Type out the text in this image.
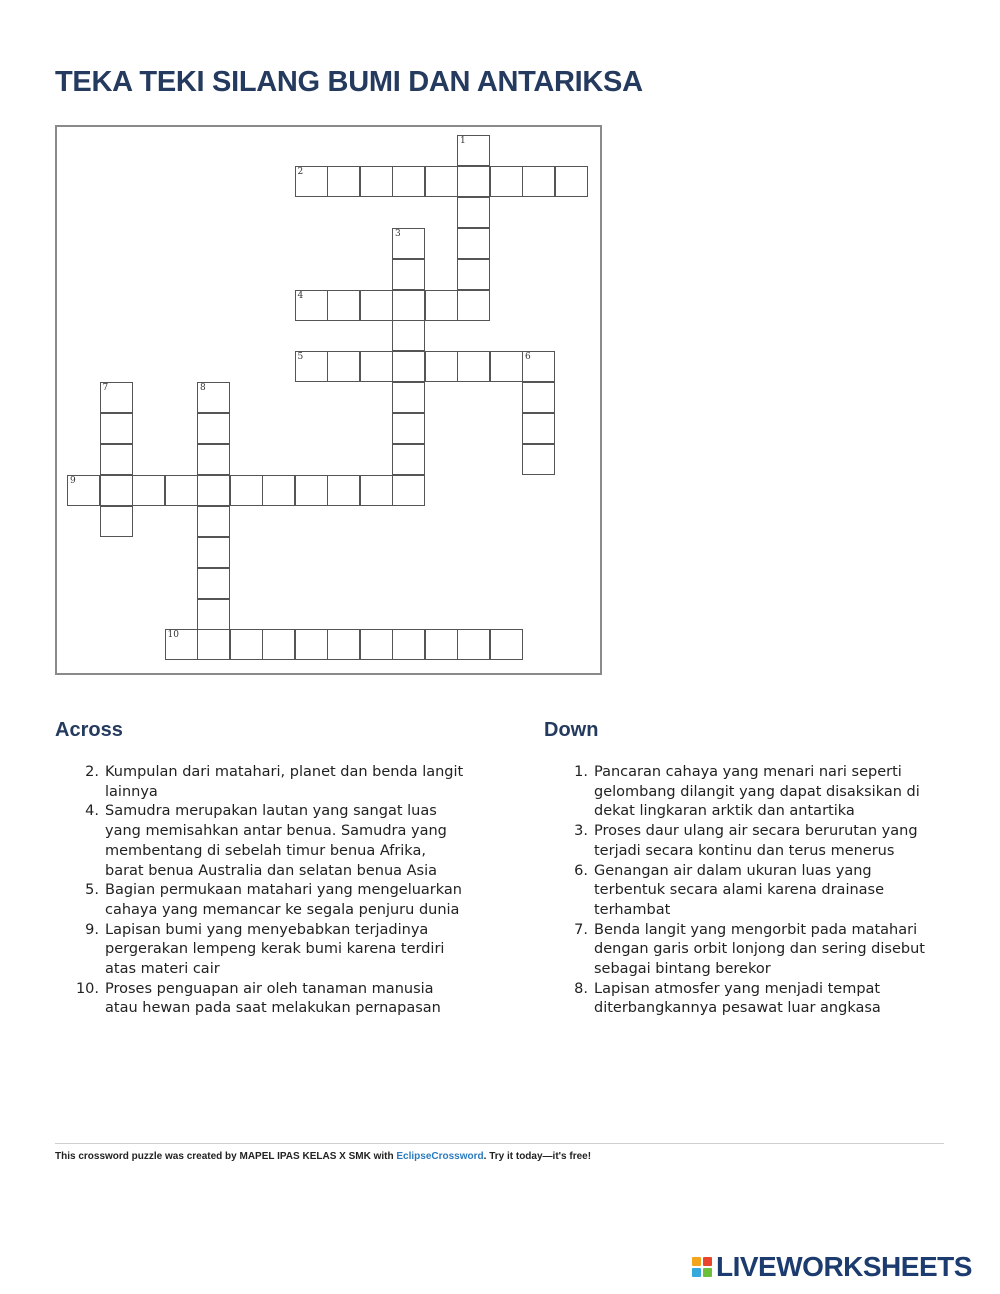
TEKA TEKI SILANG BUMI DAN ANTARIKSA
1
2
3
4
5	6
7	8
9
10
Across
2. Kumpulan dari matahari, planet dan benda langit lainnya
4. Samudra merupakan lautan yang sangat luas yang memisahkan antar benua. Samudra yang membentang di sebelah timur benua Afrika, barat benua Australia dan selatan benua Asia
5. Bagian permukaan matahari yang mengeluarkan cahaya yang memancar ke segala penjuru dunia
9. Lapisan bumi yang menyebabkan terjadinya pergerakan lempeng kerak bumi karena terdiri atas materi cair
10. Proses penguapan air oleh tanaman manusia atau hewan pada saat melakukan pernapasan
Down
1. Pancaran cahaya yang menari nari seperti gelombang dilangit yang dapat disaksikan di dekat lingkaran arktik dan antartika
3. Proses daur ulang air secara berurutan yang terjadi secara kontinu dan terus menerus
6. Genangan air dalam ukuran luas yang terbentuk secara alami karena drainase terhambat
7. Benda langit yang mengorbit pada matahari dengan garis orbit lonjong dan sering disebut sebagai bintang berekor
8. Lapisan atmosfer yang menjadi tempat diterbangkannya pesawat luar angkasa

This crossword puzzle was created by MAPEL IPAS KELAS X SMK with EclipseCrossword. Try it today—it's free!

LIVEWORKSHEETS
